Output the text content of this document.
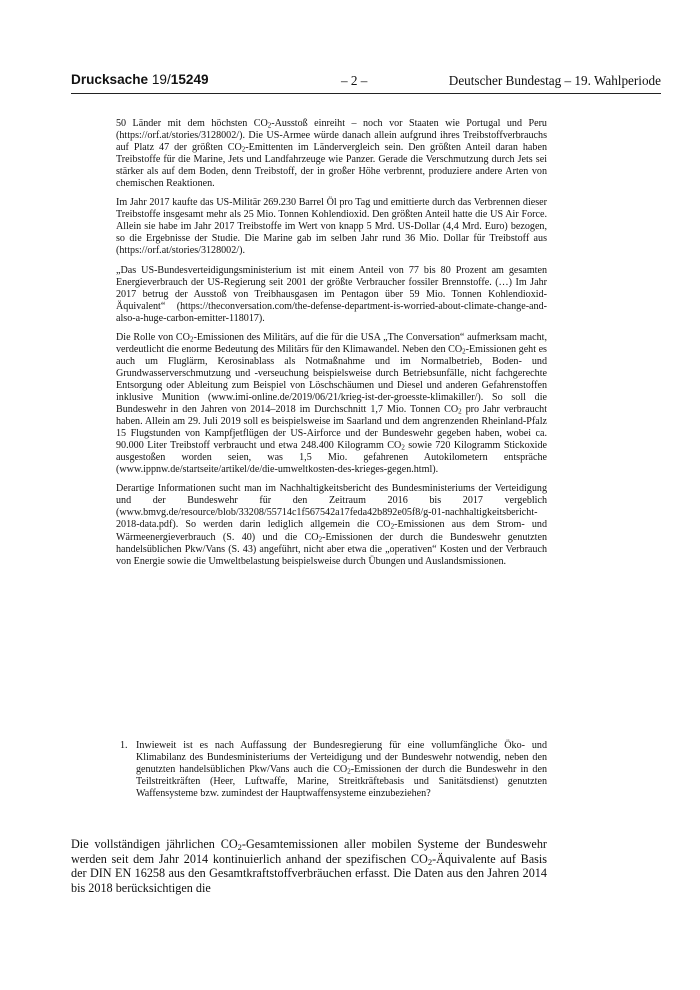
Drucksache 19/15249	– 2 –	Deutscher Bundestag – 19. Wahlperiode

50 Länder mit dem höchsten $CO_2$-Ausstoß einreiht – noch vor Staaten wie Portugal und Peru (https://orf.at/stories/3128002/). Die US-Armee würde danach allein aufgrund ihres Treibstoffverbrauchs auf Platz 47 der größten $CO_2$-Emittenten im Ländervergleich sein. Den größten Anteil daran haben Treibstoffe für die Marine, Jets und Landfahrzeuge wie Panzer. Gerade die Verschmutzung durch Jets sei stärker als auf dem Boden, denn Treibstoff, der in großer Höhe verbrennt, produziere andere Arten von chemischen Reaktionen.

Im Jahr 2017 kaufte das US-Militär 269.230 Barrel Öl pro Tag und emittierte durch das Verbrennen dieser Treibstoffe insgesamt mehr als 25 Mio. Tonnen Kohlendioxid. Den größten Anteil hatte die US Air Force. Allein sie habe im Jahr 2017 Treibstoffe im Wert von knapp 5 Mrd. US-Dollar (4,4 Mrd. Euro) bezogen, so die Ergebnisse der Studie. Die Marine gab im selben Jahr rund 36 Mio. Dollar für Treibstoff aus (https://orf.at/stories/3128002/).

„Das US-Bundesverteidigungsministerium ist mit einem Anteil von 77 bis 80 Prozent am gesamten Energieverbrauch der US-Regierung seit 2001 der größte Verbraucher fossiler Brennstoffe. (…) Im Jahr 2017 betrug der Ausstoß von Treibhausgasen im Pentagon über 59 Mio. Tonnen Kohlendioxid-Äquivalent“ (https://theconversation.com/the-defense-department-is-worried-about-climate-change-and-also-a-huge-carbon-emitter-118017).

Die Rolle von $CO_2$-Emissionen des Militärs, auf die für die USA „The Conversation“ aufmerksam macht, verdeutlicht die enorme Bedeutung des Militärs für den Klimawandel. Neben den $CO_2$-Emissionen geht es auch um Fluglärm, Kerosinablass als Notmaßnahme und im Normalbetrieb, Boden- und Grundwasserverschmutzung und -verseuchung beispielsweise durch Betriebsunfälle, nicht fachgerechte Entsorgung oder Ableitung zum Beispiel von Löschschäumen und Diesel und anderen Gefahrenstoffen inklusive Munition (www.imi-online.de/2019/06/21/krieg-ist-der-groesste-klimakiller/). So soll die Bundeswehr in den Jahren von 2014–2018 im Durchschnitt 1,7 Mio. Tonnen $CO_2$ pro Jahr verbraucht haben. Allein am 29. Juli 2019 soll es beispielsweise im Saarland und dem angrenzenden Rheinland-Pfalz 15 Flugstunden von Kampfjetflügen der US-Airforce und der Bundeswehr gegeben haben, wobei ca. 90.000 Liter Treibstoff verbraucht und etwa 248.400 Kilogramm $CO_2$ sowie 720 Kilogramm Stickoxide ausgestoßen worden seien, was 1,5 Mio. gefahrenen Autokilometern entspräche (www.ippnw.de/startseite/artikel/de/die-umweltkosten-des-krieges-gegen.html).

Derartige Informationen sucht man im Nachhaltigkeitsbericht des Bundesministeriums der Verteidigung und der Bundeswehr für den Zeitraum 2016 bis 2017 vergeblich (www.bmvg.de/resource/blob/33208/55714c1f567542a17feda42b892e05f8/g-01-nachhaltigkeitsbericht-2018-data.pdf). So werden darin lediglich allgemein die $CO_2$-Emissionen aus dem Strom- und Wärmeenergieverbrauch (S. 40) und die $CO_2$-Emissionen der durch die Bundeswehr genutzten handelsüblichen Pkw/Vans (S. 43) angeführt, nicht aber etwa die „operativen“ Kosten und der Verbrauch von Energie sowie die Umweltbelastung beispielsweise durch Übungen und Auslandsmissionen.

1. Inwieweit ist es nach Auffassung der Bundesregierung für eine vollumfängliche Öko- und Klimabilanz des Bundesministeriums der Verteidigung und der Bundeswehr notwendig, neben den genutzten handelsüblichen Pkw/Vans auch die $CO_2$-Emissionen der durch die Bundeswehr in den Teilstreitkräften (Heer, Luftwaffe, Marine, Streitkräftebasis und Sanitätsdienst) genutzten Waffensysteme bzw. zumindest der Hauptwaffensysteme einzubeziehen?
Die vollständigen jährlichen $CO_2$-Gesamtemissionen aller mobilen Systeme der Bundeswehr werden seit dem Jahr 2014 kontinuierlich anhand der spezifischen $CO_2$-Äquivalente auf Basis der DIN EN 16258 aus den Gesamtkraftstoffverbräuchen erfasst. Die Daten aus den Jahren 2014 bis 2018 berücksichtigen die
